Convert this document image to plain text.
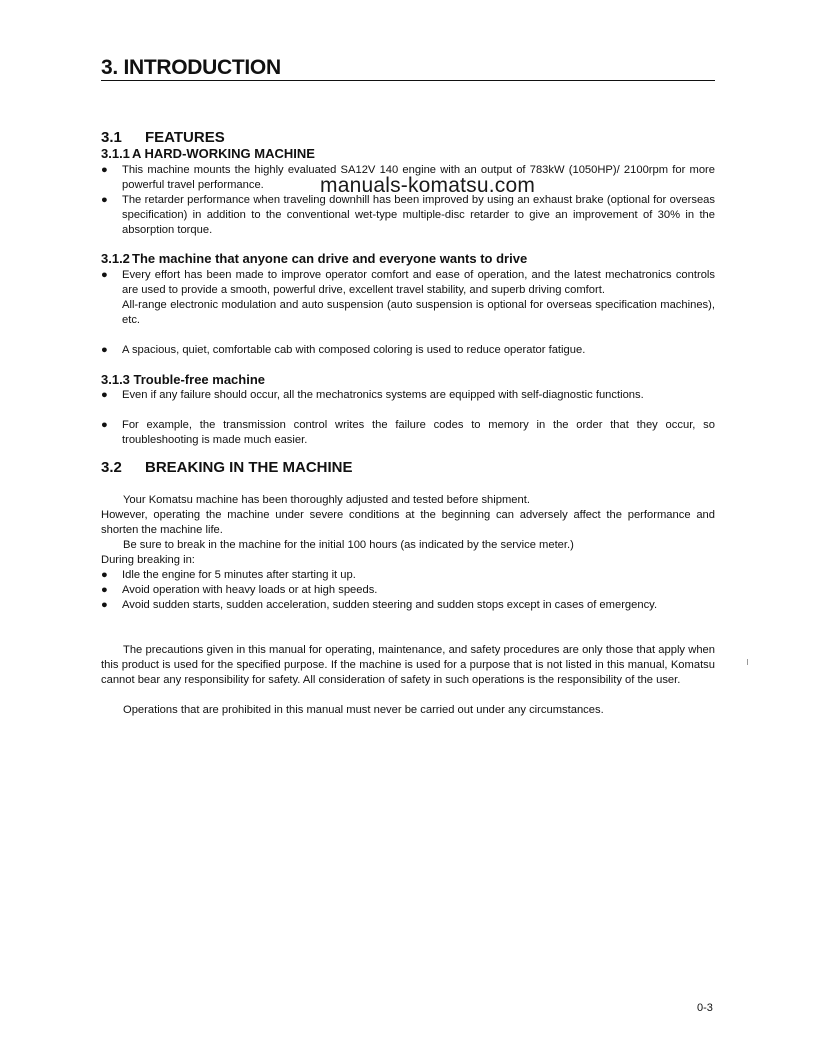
3. INTRODUCTION
3.1 FEATURES
3.1.1 A HARD-WORKING MACHINE
● This machine mounts the highly evaluated SA12V 140 engine with an output of 783kW (1050HP)/ 2100rpm for more powerful travel performance.
● The retarder performance when traveling downhill has been improved by using an exhaust brake (optional for overseas specification) in addition to the conventional wet-type multiple-disc retarder to give an improvement of 30% in the absorption torque.
3.1.2 The machine that anyone can drive and everyone wants to drive
● Every effort has been made to improve operator comfort and ease of operation, and the latest mechatronics controls are used to provide a smooth, powerful drive, excellent travel stability, and superb driving comfort.
All-range electronic modulation and auto suspension (auto suspension is optional for overseas specification machines), etc.
● A spacious, quiet, comfortable cab with composed coloring is used to reduce operator fatigue.
3.1.3 Trouble-free machine
● Even if any failure should occur, all the mechatronics systems are equipped with self-diagnostic functions.
● For example, the transmission control writes the failure codes to memory in the order that they occur, so troubleshooting is made much easier.
3.2 BREAKING IN THE MACHINE
Your Komatsu machine has been thoroughly adjusted and tested before shipment.
However, operating the machine under severe conditions at the beginning can adversely affect the performance and shorten the machine life.
Be sure to break in the machine for the initial 100 hours (as indicated by the service meter.)
During breaking in:
● Idle the engine for 5 minutes after starting it up.
● Avoid operation with heavy loads or at high speeds.
● Avoid sudden starts, sudden acceleration, sudden steering and sudden stops except in cases of emergency.
The precautions given in this manual for operating, maintenance, and safety procedures are only those that apply when this product is used for the specified purpose. If the machine is used for a purpose that is not listed in this manual, Komatsu cannot bear any responsibility for safety. All consideration of safety in such operations is the responsibility of the user.
Operations that are prohibited in this manual must never be carried out under any circumstances.
manuals-komatsu.com
0-3
